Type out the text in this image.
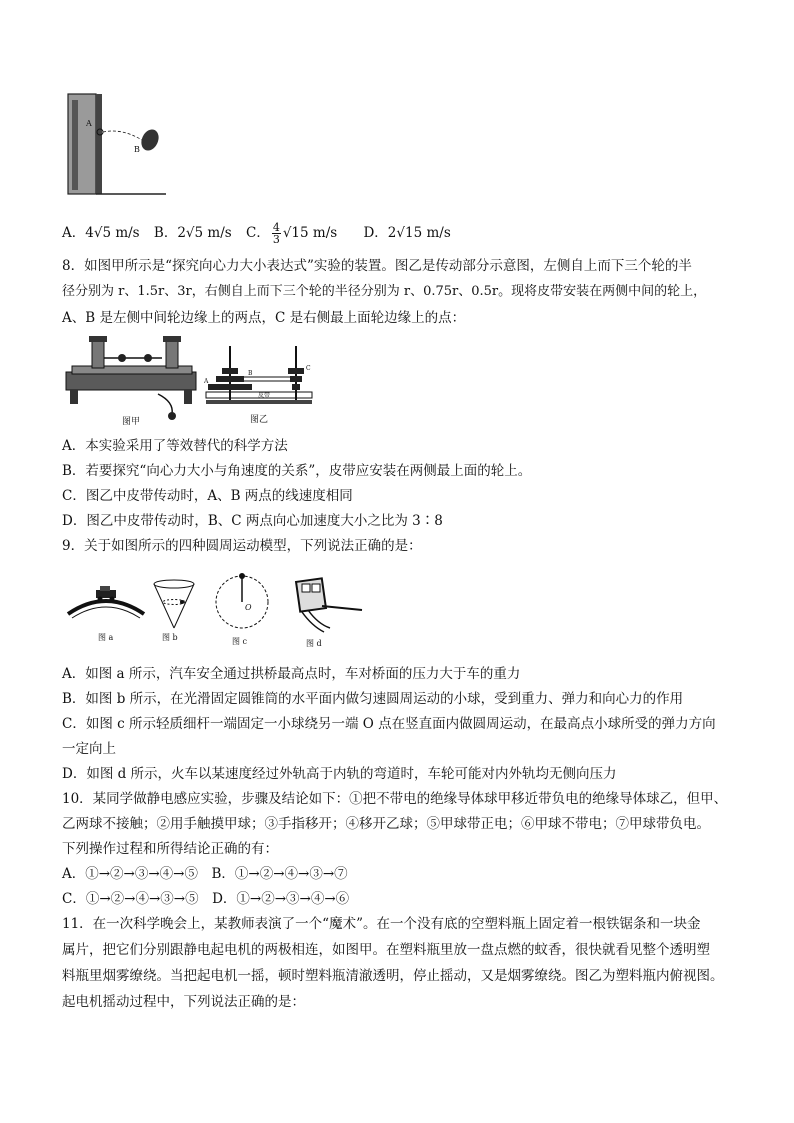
A
B
A．4√5 m/s B．2√5 m/s C． $\frac{4}{3} √15$ m/s D．2√15 m/s
8．如图甲所示是“探究向心力大小表达式”实验的装置。图乙是传动部分示意图，左侧自上而下三个轮的半
径分别为 r、1.5r、3r，右侧自上而下三个轮的半径分别为 r、0.75r、0.5r。现将皮带安装在两侧中间的轮上，
A、B 是左侧中间轮边缘上的两点，C 是右侧最上面轮边缘上的点：
图甲
A
B
C
皮带
图乙
A．本实验采用了等效替代的科学方法
B．若要探究“向心力大小与角速度的关系”，皮带应安装在两侧最上面的轮上。
C．图乙中皮带传动时，A、B 两点的线速度相同
D．图乙中皮带传动时，B、C 两点向心加速度大小之比为 3∶8
9．关于如图所示的四种圆周运动模型，下列说法正确的是：
图 a	图 b
O
图 c	图 d
A．如图 a 所示，汽车安全通过拱桥最高点时，车对桥面的压力大于车的重力
B．如图 b 所示，在光滑固定圆锥筒的水平面内做匀速圆周运动的小球，受到重力、弹力和向心力的作用
C．如图 c 所示轻质细杆一端固定一小球绕另一端 O 点在竖直面内做圆周运动，在最高点小球所受的弹力方向
一定向上
D．如图 d 所示，火车以某速度经过外轨高于内轨的弯道时，车轮可能对内外轨均无侧向压力
10．某同学做静电感应实验，步骤及结论如下：①把不带电的绝缘导体球甲移近带负电的绝缘导体球乙，但甲、
乙两球不接触；②用手触摸甲球；③手指移开；④移开乙球；⑤甲球带正电；⑥甲球不带电；⑦甲球带负电。
下列操作过程和所得结论正确的有：
A．①→②→③→④→⑤　B．①→②→④→③→⑦
C．①→②→④→③→⑤　D．①→②→③→④→⑥
11．在一次科学晚会上，某教师表演了一个“魔术”。在一个没有底的空塑料瓶上固定着一根铁锯条和一块金
属片，把它们分别跟静电起电机的两极相连，如图甲。在塑料瓶里放一盘点燃的蚊香，很快就看见整个透明塑
料瓶里烟雾缭绕。当把起电机一摇，顿时塑料瓶清澈透明，停止摇动，又是烟雾缭绕。图乙为塑料瓶内俯视图。
起电机摇动过程中，下列说法正确的是：
